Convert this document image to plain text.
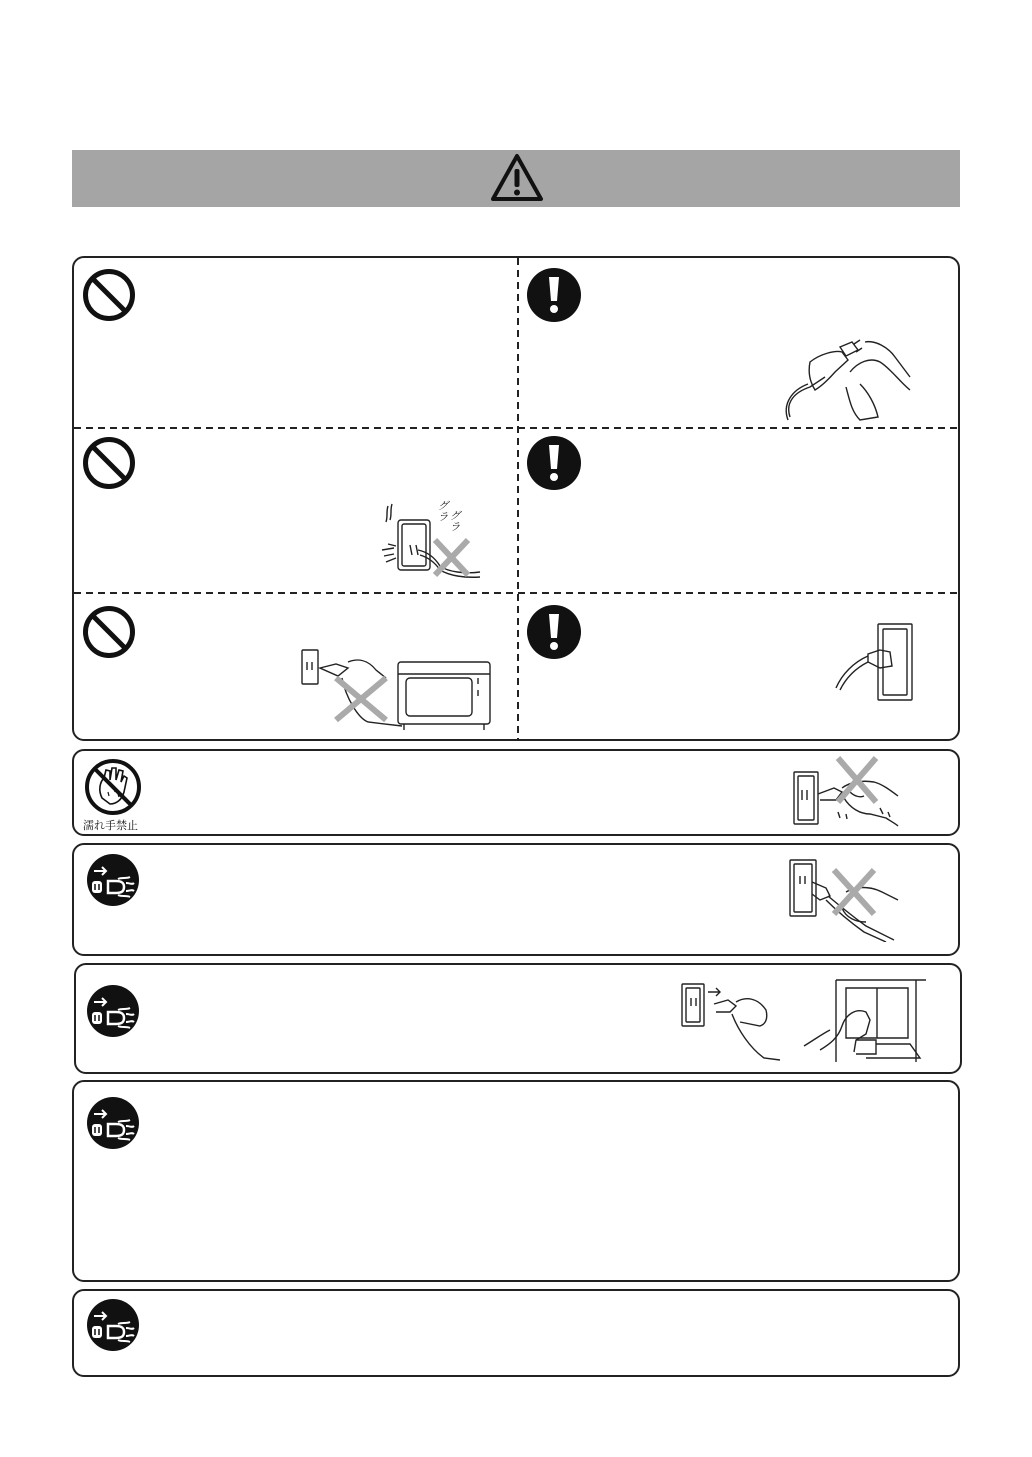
グラ グラ
濡れ手禁止
